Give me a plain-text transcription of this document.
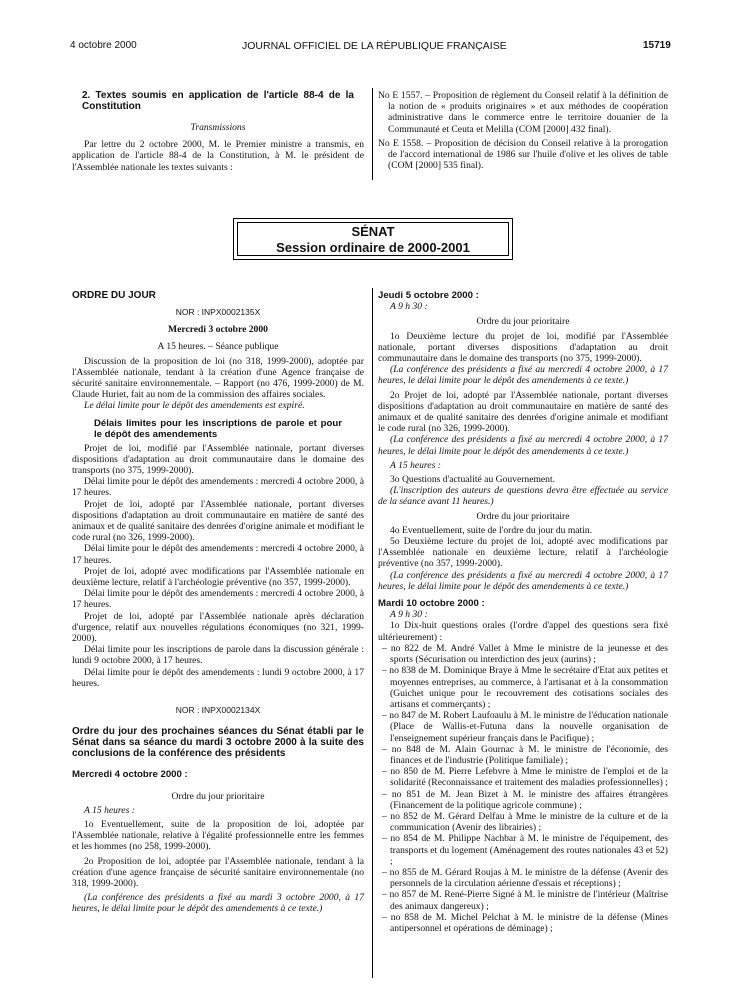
4 octobre 2000	JOURNAL OFFICIEL DE LA RÉPUBLIQUE FRANÇAISE	15719

2. Textes soumis en application de l'article 88-4 de la Constitution

Transmissions

Par lettre du 2 octobre 2000, M. le Premier ministre a transmis, en application de l'article 88-4 de la Constitution, à M. le président de l'Assemblée nationale les textes suivants :

No E 1557. – Proposition de règlement du Conseil relatif à la définition de la notion de « produits originaires » et aux méthodes de coopération administrative dans le commerce entre le territoire douanier de la Communauté et Ceuta et Melilla (COM [2000] 432 final).

No E 1558. – Proposition de décision du Conseil relative à la prorogation de l'accord international de 1986 sur l'huile d'olive et les olives de table (COM [2000] 535 final).

SÉNAT
Session ordinaire de 2000-2001

ORDRE DU JOUR

NOR : INPX0002135X

Mercredi 3 octobre 2000

A 15 heures. – Séance publique

Discussion de la proposition de loi (no 318, 1999-2000), adoptée par l'Assemblée nationale, tendant à la création d'une Agence française de sécurité sanitaire environnementale. – Rapport (no 476, 1999-2000) de M. Claude Huriet, fait au nom de la commission des affaires sociales.

Le délai limite pour le dépôt des amendements est expiré.

Délais limites pour les inscriptions de parole et pour le dépôt des amendements

Projet de loi, modifié par l'Assemblée nationale, portant diverses dispositions d'adaptation au droit communautaire dans le domaine des transports (no 375, 1999-2000).

Délai limite pour le dépôt des amendements : mercredi 4 octobre 2000, à 17 heures.

Projet de loi, adopté par l'Assemblée nationale, portant diverses dispositions d'adaptation au droit communautaire en matière de santé des animaux et de qualité sanitaire des denrées d'origine animale et modifiant le code rural (no 326, 1999-2000).

Délai limite pour le dépôt des amendements : mercredi 4 octobre 2000, à 17 heures.

Projet de loi, adopté avec modifications par l'Assemblée nationale en deuxième lecture, relatif à l'archéologie préventive (no 357, 1999-2000).

Délai limite pour le dépôt des amendements : mercredi 4 octobre 2000, à 17 heures.

Projet de loi, adopté par l'Assemblée nationale après déclaration d'urgence, relatif aux nouvelles régulations économiques (no 321, 1999-2000).

Délai limite pour les inscriptions de parole dans la discussion générale : lundi 9 octobre 2000, à 17 heures.

Délai limite pour le dépôt des amendements : lundi 9 octobre 2000, à 17 heures.

NOR : INPX0002134X

Ordre du jour des prochaines séances du Sénat établi par le Sénat dans sa séance du mardi 3 octobre 2000 à la suite des conclusions de la conférence des présidents

Mercredi 4 octobre 2000 :

Ordre du jour prioritaire

A 15 heures :

1o Eventuellement, suite de la proposition de loi, adoptée par l'Assemblée nationale, relative à l'égalité professionnelle entre les femmes et les hommes (no 258, 1999-2000).

2o Proposition de loi, adoptée par l'Assemblée nationale, tendant à la création d'une agence française de sécurité sanitaire environnementale (no 318, 1999-2000).

(La conférence des présidents a fixé au mardi 3 octobre 2000, à 17 heures, le délai limite pour le dépôt des amendements à ce texte.)

Jeudi 5 octobre 2000 :

A 9 h 30 :

Ordre du jour prioritaire

1o Deuxième lecture du projet de loi, modifié par l'Assemblée nationale, portant diverses dispositions d'adaptation au droit communautaire dans le domaine des transports (no 375, 1999-2000).

(La conférence des présidents a fixé au mercredi 4 octobre 2000, à 17 heures, le délai limite pour le dépôt des amendements à ce texte.)

2o Projet de loi, adopté par l'Assemblée nationale, portant diverses dispositions d'adaptation au droit communautaire en matière de santé des animaux et de qualité sanitaire des denrées d'origine animale et modifiant le code rural (no 326, 1999-2000).

(La conférence des présidents a fixé au mercredi 4 octobre 2000, à 17 heures, le délai limite pour le dépôt des amendements à ce texte.)

A 15 heures :

3o Questions d'actualité au Gouvernement.

(L'inscription des auteurs de questions devra être effectuée au service de la séance avant 11 heures.)

Ordre du jour prioritaire

4o Eventuellement, suite de l'ordre du jour du matin.

5o Deuxième lecture du projet de loi, adopté avec modifications par l'Assemblée nationale en deuxième lecture, relatif à l'archéologie préventive (no 357, 1999-2000).

(La conférence des présidents a fixé au mercredi 4 octobre 2000, à 17 heures, le délai limite pour le dépôt des amendements à ce texte.)

Mardi 10 octobre 2000 :

A 9 h 30 :

1o Dix-huit questions orales (l'ordre d'appel des questions sera fixé ultérieurement) :

– no 822 de M. André Vallet à Mme le ministre de la jeunesse et des sports (Sécurisation ou interdiction des jeux (aurins) ;

– no 838 de M. Dominique Braye à Mme le secrétaire d'Etat aux petites et moyennes entreprises, au commerce, à l'artisanat et à la consommation (Guichet unique pour le recouvrement des cotisations sociales des artisans et commerçants) ;

– no 847 de M. Robert Laufoaulu à M. le ministre de l'éducation nationale (Place de Wallis-et-Futuna dans la nouvelle organisation de l'enseignement supérieur français dans le Pacifique) ;

– no 848 de M. Alain Gournac à M. le ministre de l'économie, des finances et de l'industrie (Politique familiale) ;

– no 850 de M. Pierre Lefebvre à Mme le ministre de l'emploi et de la solidarité (Reconnaissance et traitement des maladies professionnelles) ;

– no 851 de M. Jean Bizet à M. le ministre des affaires étrangères (Financement de la politique agricole commune) ;

– no 852 de M. Gérard Delfau à Mme le ministre de la culture et de la communication (Avenir des librairies) ;

– no 854 de M. Philippe Nachbar à M. le ministre de l'équipement, des transports et du logement (Aménagement des routes nationales 43 et 52) ;

– no 855 de M. Gérard Roujas à M. le ministre de la défense (Avenir des personnels de la circulation aérienne d'essais et réceptions) ;

– no 857 de M. René-Pierre Signé à M. le ministre de l'intérieur (Maîtrise des animaux dangereux) ;

– no 858 de M. Michel Pelchat à M. le ministre de la défense (Mines antipersonnel et opérations de déminage) ;
